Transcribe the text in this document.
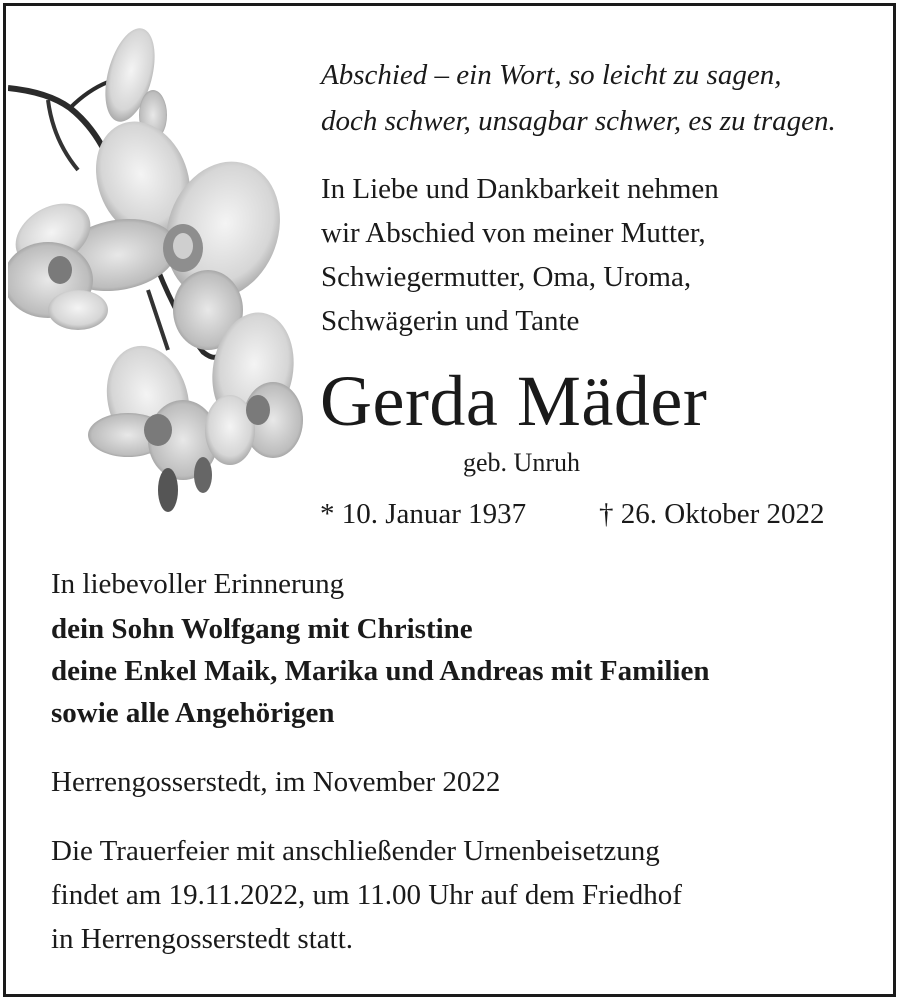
Abschied – ein Wort, so leicht zu sagen,
doch schwer, unsagbar schwer, es zu tragen.
In Liebe und Dankbarkeit nehmen
wir Abschied von meiner Mutter,
Schwiegermutter, Oma, Uroma,
Schwägerin und Tante
Gerda Mäder
geb. Unruh
* 10. Januar 1937	† 26. Oktober 2022
In liebevoller Erinnerung
dein Sohn Wolfgang mit Christine
deine Enkel Maik, Marika und Andreas mit Familien
sowie alle Angehörigen
Herrengosserstedt, im November 2022
Die Trauerfeier mit anschließender Urnenbeisetzung
findet am 19.11.2022, um 11.00 Uhr auf dem Friedhof
in Herrengosserstedt statt.
